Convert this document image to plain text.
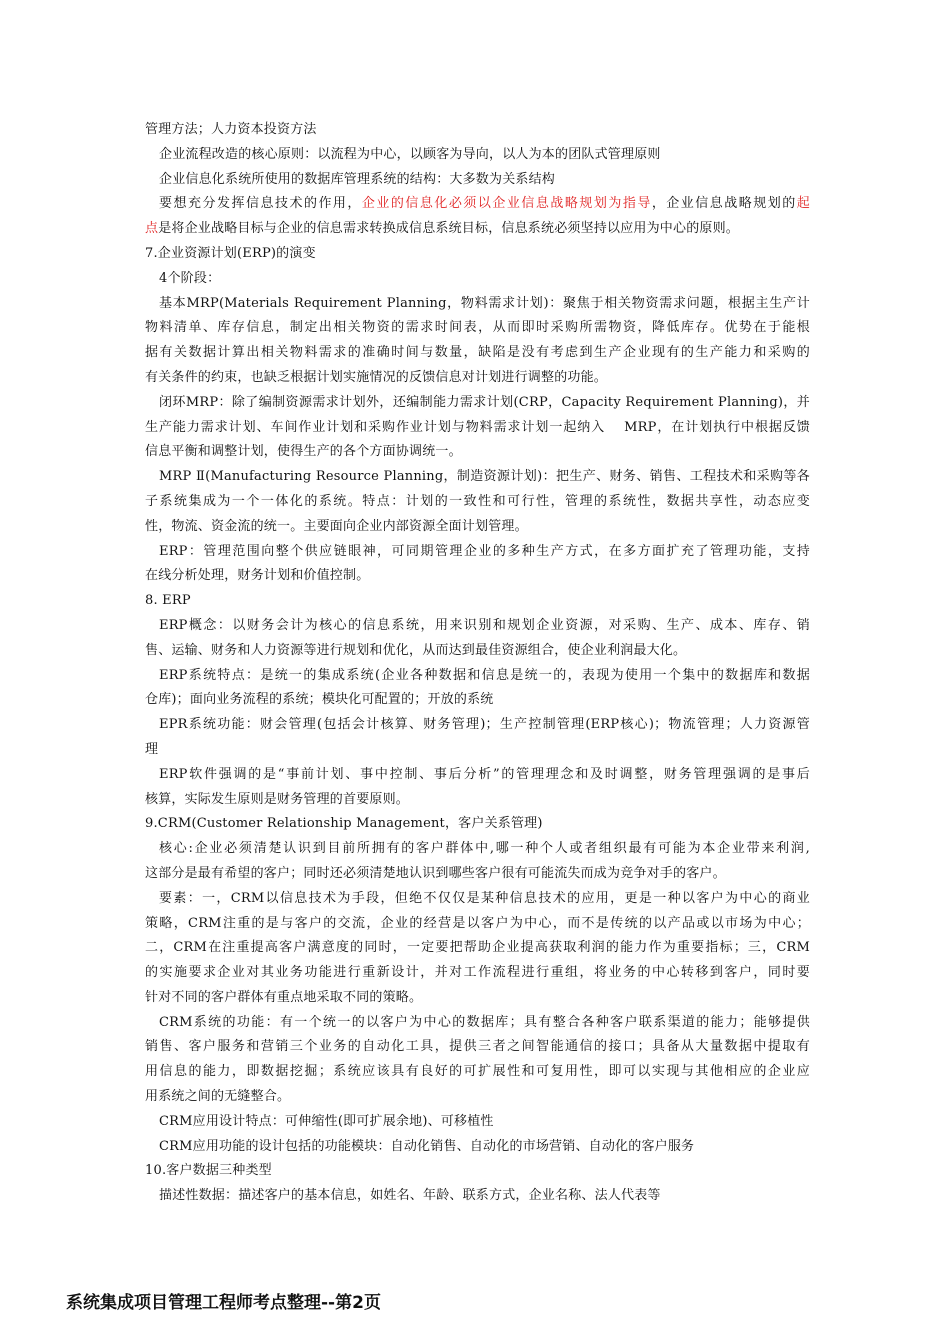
管理方法；人力资本投资方法
企业流程改造的核心原则：以流程为中心，以顾客为导向，以人为本的团队式管理原则
企业信息化系统所使用的数据库管理系统的结构：大多数为关系结构
要想充分发挥信息技术的作用，企业的信息化必须以企业信息战略规划为指导，企业信息战略规划的起
点是将企业战略目标与企业的信息需求转换成信息系统目标，信息系统必须坚持以应用为中心的原则。
7.企业资源计划(ERP)的演变
4个阶段：
基本MRP(Materials Requirement Planning，物料需求计划)：聚焦于相关物资需求问题，根据主生产计
物料清单、库存信息，制定出相关物资的需求时间表，从而即时采购所需物资，降低库存。优势在于能根
据有关数据计算出相关物料需求的准确时间与数量，缺陷是没有考虑到生产企业现有的生产能力和采购的
有关条件的约束，也缺乏根据计划实施情况的反馈信息对计划进行调整的功能。
闭环MRP：除了编制资源需求计划外，还编制能力需求计划(CRP，Capacity Requirement Planning)，并
生产能力需求计划、车间作业计划和采购作业计划与物料需求计划一起纳入　 MRP，在计划执行中根据反馈
信息平衡和调整计划，使得生产的各个方面协调统一。
MRP Ⅱ(Manufacturing Resource Planning，制造资源计划)：把生产、财务、销售、工程技术和采购等各
子系统集成为一个一体化的系统。特点：计划的一致性和可行性，管理的系统性，数据共享性，动态应变
性，物流、资金流的统一。主要面向企业内部资源全面计划管理。
ERP：管理范围向整个供应链眼神，可同期管理企业的多种生产方式，在多方面扩充了管理功能，支持
在线分析处理，财务计划和价值控制。
8. ERP
ERP概念：以财务会计为核心的信息系统，用来识别和规划企业资源，对采购、生产、成本、库存、销
售、运输、财务和人力资源等进行规划和优化，从而达到最佳资源组合，使企业利润最大化。
ERP系统特点：是统一的集成系统(企业各种数据和信息是统一的，表现为使用一个集中的数据库和数据
仓库)；面向业务流程的系统；模块化可配置的；开放的系统
EPR系统功能：财会管理(包括会计核算、财务管理)；生产控制管理(ERP核心)；物流管理；人力资源管
理
ERP软件强调的是“事前计划、事中控制、事后分析”的管理理念和及时调整，财务管理强调的是事后
核算，实际发生原则是财务管理的首要原则。
9.CRM(Customer Relationship Management，客户关系管理)
核心:企业必须清楚认识到目前所拥有的客户群体中,哪一种个人或者组织最有可能为本企业带来利润,
这部分是最有希望的客户；同时还必须清楚地认识到哪些客户很有可能流失而成为竞争对手的客户。
要素：一，CRM以信息技术为手段，但绝不仅仅是某种信息技术的应用，更是一种以客户为中心的商业
策略，CRM注重的是与客户的交流，企业的经营是以客户为中心，而不是传统的以产品或以市场为中心；
二，CRM在注重提高客户满意度的同时，一定要把帮助企业提高获取利润的能力作为重要指标；三，CRM
的实施要求企业对其业务功能进行重新设计，并对工作流程进行重组，将业务的中心转移到客户，同时要
针对不同的客户群体有重点地采取不同的策略。
CRM系统的功能：有一个统一的以客户为中心的数据库；具有整合各种客户联系渠道的能力；能够提供
销售、客户服务和营销三个业务的自动化工具，提供三者之间智能通信的接口；具备从大量数据中提取有
用信息的能力，即数据挖掘；系统应该具有良好的可扩展性和可复用性，即可以实现与其他相应的企业应
用系统之间的无缝整合。
CRM应用设计特点：可伸缩性(即可扩展余地)、可移植性
CRM应用功能的设计包括的功能模块：自动化销售、自动化的市场营销、自动化的客户服务
10.客户数据三种类型
描述性数据：描述客户的基本信息，如姓名、年龄、联系方式，企业名称、法人代表等
系统集成项目管理工程师考点整理--第2页
